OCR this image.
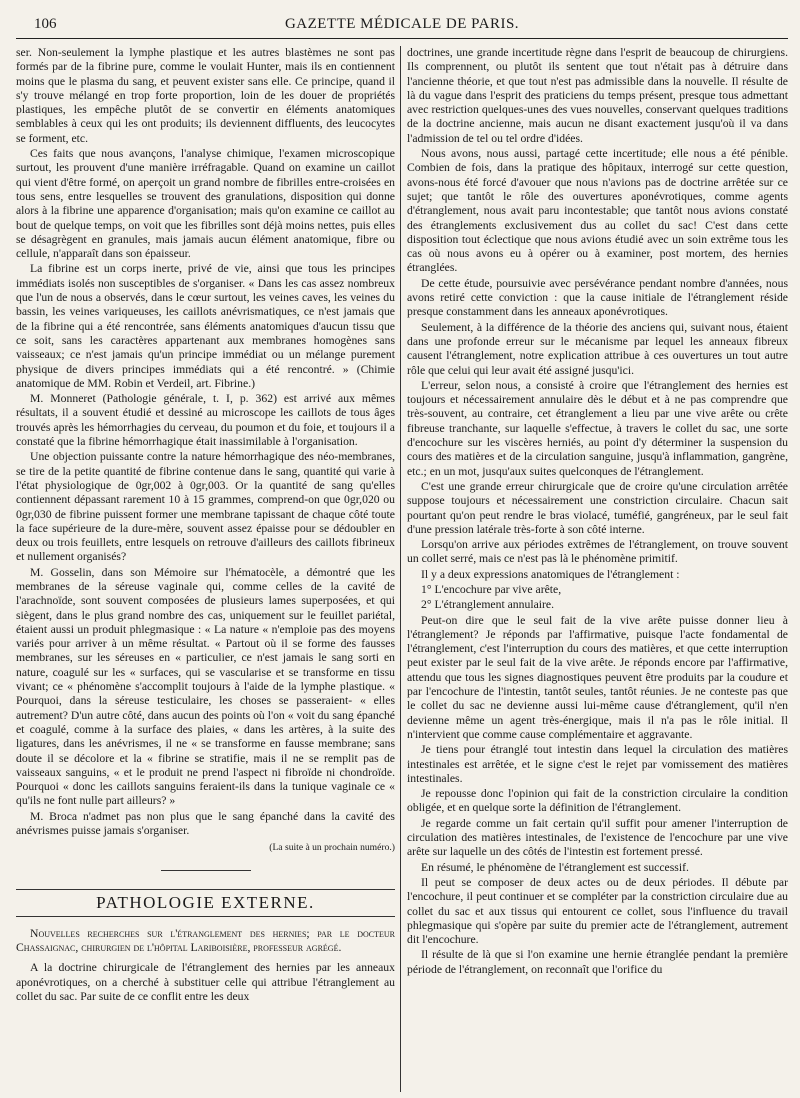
106	GAZETTE MÉDICALE DE PARIS.

ser. Non-seulement la lymphe plastique et les autres blastèmes ne sont pas formés par de la fibrine pure, comme le voulait Hunter, mais ils en contiennent moins que le plasma du sang, et peuvent exister sans elle. Ce principe, quand il s'y trouve mélangé en trop forte proportion, loin de les douer de propriétés plastiques, les empêche plutôt de se convertir en éléments anatomiques semblables à ceux qui les ont produits; ils deviennent diffluents, des leucocytes se forment, etc.

Ces faits que nous avançons, l'analyse chimique, l'examen microscopique surtout, les prouvent d'une manière irréfragable. Quand on examine un caillot qui vient d'être formé, on aperçoit un grand nombre de fibrilles entre-croisées en tous sens, entre lesquelles se trouvent des granulations, disposition qui donne alors à la fibrine une apparence d'organisation; mais qu'on examine ce caillot au bout de quelque temps, on voit que les fibrilles sont déjà moins nettes, puis elles se désagrègent en granules, mais jamais aucun élément anatomique, fibre ou cellule, n'apparaît dans son épaisseur.

La fibrine est un corps inerte, privé de vie, ainsi que tous les principes immédiats isolés non susceptibles de s'organiser. « Dans les cas assez nombreux que l'un de nous a observés, dans le cœur surtout, les veines caves, les veines du bassin, les veines variqueuses, les caillots anévrismatiques, ce n'est jamais que de la fibrine qui a été rencontrée, sans éléments anatomiques d'aucun tissu que ce soit, sans les caractères appartenant aux membranes homogènes sans vaisseaux; ce n'est jamais qu'un principe immédiat ou un mélange purement physique de divers principes immédiats qui a été rencontré. » (Chimie anatomique de MM. Robin et Verdeil, art. Fibrine.)

M. Monneret (Pathologie générale, t. I, p. 362) est arrivé aux mêmes résultats, il a souvent étudié et dessiné au microscope les caillots de tous âges trouvés après les hémorrhagies du cerveau, du poumon et du foie, et toujours il a constaté que la fibrine hémorrhagique était inassimilable à l'organisation.

Une objection puissante contre la nature hémorrhagique des néo-membranes, se tire de la petite quantité de fibrine contenue dans le sang, quantité qui varie à l'état physiologique de 0gr,002 à 0gr,003. Or la quantité de sang qu'elles contiennent dépassant rarement 10 à 15 grammes, comprend-on que 0gr,020 ou 0gr,030 de fibrine puissent former une membrane tapissant de chaque côté toute la face supérieure de la dure-mère, souvent assez épaisse pour se dédoubler en deux ou trois feuillets, entre lesquels on retrouve d'ailleurs des caillots fibrineux et nullement organisés?

M. Gosselin, dans son Mémoire sur l'hématocèle, a démontré que les membranes de la séreuse vaginale qui, comme celles de la cavité de l'arachnoïde, sont souvent composées de plusieurs lames superposées, et qui siègent, dans le plus grand nombre des cas, uniquement sur le feuillet pariétal, étaient aussi un produit phlegmasique : « La nature « n'emploie pas des moyens variés pour arriver à un même résultat. « Partout où il se forme des fausses membranes, sur les séreuses en « particulier, ce n'est jamais le sang sorti en nature, coagulé sur les « surfaces, qui se vascularise et se transforme en tissu vivant; ce « phénomène s'accomplit toujours à l'aide de la lymphe plastique. « Pourquoi, dans la séreuse testiculaire, les choses se passeraient- « elles autrement? D'un autre côté, dans aucun des points où l'on « voit du sang épanché et coagulé, comme à la surface des plaies, « dans les artères, à la suite des ligatures, dans les anévrismes, il ne « se transforme en fausse membrane; sans doute il se décolore et la « fibrine se stratifie, mais il ne se remplit pas de vaisseaux sanguins, « et le produit ne prend l'aspect ni fibroïde ni chondroïde. Pourquoi « donc les caillots sanguins feraient-ils dans la tunique vaginale ce « qu'ils ne font nulle part ailleurs? »

M. Broca n'admet pas non plus que le sang épanché dans la cavité des anévrismes puisse jamais s'organiser.

(La suite à un prochain numéro.)

PATHOLOGIE EXTERNE.
Nouvelles recherches sur l'étranglement des hernies; par le docteur Chassaignac, chirurgien de l'hôpital Lariboisière, professeur agrégé.

A la doctrine chirurgicale de l'étranglement des hernies par les anneaux aponévrotiques, on a cherché à substituer celle qui attribue l'étranglement au collet du sac. Par suite de ce conflit entre les deux

doctrines, une grande incertitude règne dans l'esprit de beaucoup de chirurgiens. Ils comprennent, ou plutôt ils sentent que tout n'était pas à détruire dans l'ancienne théorie, et que tout n'est pas admissible dans la nouvelle. Il résulte de là du vague dans l'esprit des praticiens du temps présent, presque tous admettant avec restriction quelques-unes des vues nouvelles, conservant quelques traditions de la doctrine ancienne, mais aucun ne disant exactement jusqu'où il va dans l'admission de tel ou tel ordre d'idées.

Nous avons, nous aussi, partagé cette incertitude; elle nous a été pénible. Combien de fois, dans la pratique des hôpitaux, interrogé sur cette question, avons-nous été forcé d'avouer que nous n'avions pas de doctrine arrêtée sur ce sujet; que tantôt le rôle des ouvertures aponévrotiques, comme agents d'étranglement, nous avait paru incontestable; que tantôt nous avions constaté des étranglements exclusivement dus au collet du sac! C'est dans cette disposition tout éclectique que nous avions étudié avec un soin extrême tous les cas où nous avons eu à opérer ou à examiner, post mortem, des hernies étranglées.

De cette étude, poursuivie avec persévérance pendant nombre d'années, nous avons retiré cette conviction : que la cause initiale de l'étranglement réside presque constamment dans les anneaux aponévrotiques.

Seulement, à la différence de la théorie des anciens qui, suivant nous, étaient dans une profonde erreur sur le mécanisme par lequel les anneaux fibreux causent l'étranglement, notre explication attribue à ces ouvertures un tout autre rôle que celui qui leur avait été assigné jusqu'ici.

L'erreur, selon nous, a consisté à croire que l'étranglement des hernies est toujours et nécessairement annulaire dès le début et à ne pas comprendre que très-souvent, au contraire, cet étranglement a lieu par une vive arête ou crête fibreuse tranchante, sur laquelle s'effectue, à travers le collet du sac, une sorte d'encochure sur les viscères herniés, au point d'y déterminer la suspension du cours des matières et de la circulation sanguine, jusqu'à inflammation, gangrène, etc.; en un mot, jusqu'aux suites quelconques de l'étranglement.

C'est une grande erreur chirurgicale que de croire qu'une circulation arrêtée suppose toujours et nécessairement une constriction circulaire. Chacun sait pourtant qu'on peut rendre le bras violacé, tuméfié, gangréneux, par le seul fait d'une pression latérale très-forte à son côté interne.

Lorsqu'on arrive aux périodes extrêmes de l'étranglement, on trouve souvent un collet serré, mais ce n'est pas là le phénomène primitif.

Il y a deux expressions anatomiques de l'étranglement :

1° L'encochure par vive arête,

2° L'étranglement annulaire.

Peut-on dire que le seul fait de la vive arête puisse donner lieu à l'étranglement? Je réponds par l'affirmative, puisque l'acte fondamental de l'étranglement, c'est l'interruption du cours des matières, et que cette interruption peut exister par le seul fait de la vive arête. Je réponds encore par l'affirmative, attendu que tous les signes diagnostiques peuvent être produits par la coudure et par l'encochure de l'intestin, tantôt seules, tantôt réunies. Je ne conteste pas que le collet du sac ne devienne aussi lui-même cause d'étranglement, qu'il n'en devienne même un agent très-énergique, mais il n'a pas le rôle initial. Il n'intervient que comme cause complémentaire et aggravante.

Je tiens pour étranglé tout intestin dans lequel la circulation des matières intestinales est arrêtée, et le signe c'est le rejet par vomissement des matières intestinales.

Je repousse donc l'opinion qui fait de la constriction circulaire la condition obligée, et en quelque sorte la définition de l'étranglement.

Je regarde comme un fait certain qu'il suffit pour amener l'interruption de circulation des matières intestinales, de l'existence de l'encochure par une vive arête sur laquelle un des côtés de l'intestin est fortement pressé.

En résumé, le phénomène de l'étranglement est successif.

Il peut se composer de deux actes ou de deux périodes. Il débute par l'encochure, il peut continuer et se compléter par la constriction circulaire due au collet du sac et aux tissus qui entourent ce collet, sous l'influence du travail phlegmasique qui s'opère par suite du premier acte de l'étranglement, autrement dit l'encochure.

Il résulte de là que si l'on examine une hernie étranglée pendant la première période de l'étranglement, on reconnaît que l'orifice du
